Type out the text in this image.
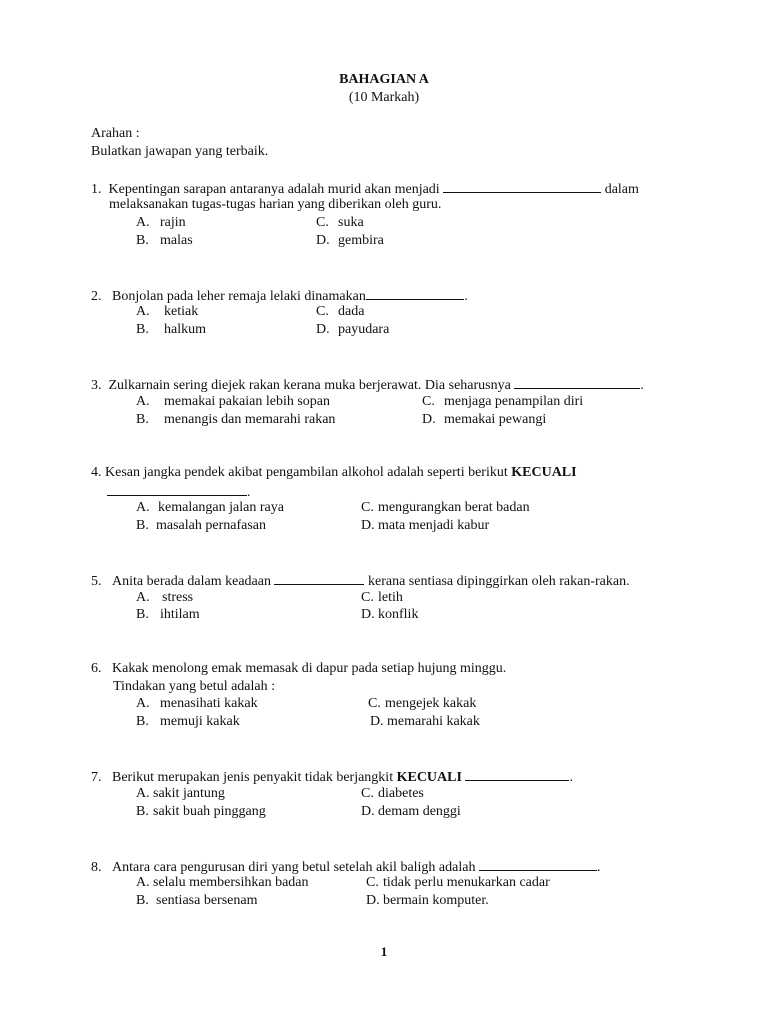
BAHAGIAN A
(10 Markah)
Arahan :
Bulatkan jawapan yang terbaik.
1. Kepentingan sarapan antaranya adalah murid akan menjadi	dalam
melaksanakan tugas-tugas harian yang diberikan oleh guru.
A. rajin
B. malas
C. suka
D. gembira
2. Bonjolan pada leher remaja lelaki dinamakan	.
A. ketiak
B. halkum
C. dada
D. payudara
3. Zulkarnain sering diejek rakan kerana muka berjerawat. Dia seharusnya	.
A. memakai pakaian lebih sopan
B. menangis dan memarahi rakan
C. menjaga penampilan diri
D. memakai pewangi
4. Kesan jangka pendek akibat pengambilan alkohol adalah seperti berikut KECUALI
.
A. kemalangan jalan raya
B. masalah pernafasan
C. mengurangkan berat badan
D. mata menjadi kabur
5. Anita berada dalam keadaan	kerana sentiasa dipinggirkan oleh rakan-rakan.
A. stress
B. ihtilam
C. letih
D. konflik
6. Kakak menolong emak memasak di dapur pada setiap hujung minggu.
Tindakan yang betul adalah :
A. menasihati kakak
B. memuji kakak
C. mengejek kakak
D. memarahi kakak
7. Berikut merupakan jenis penyakit tidak berjangkit KECUALI	.
A. sakit jantung
B. sakit buah pinggang
C. diabetes
D. demam denggi
8. Antara cara pengurusan diri yang betul setelah akil baligh adalah	.
A. selalu membersihkan badan
B. sentiasa bersenam
C. tidak perlu menukarkan cadar
D. bermain komputer.
1
